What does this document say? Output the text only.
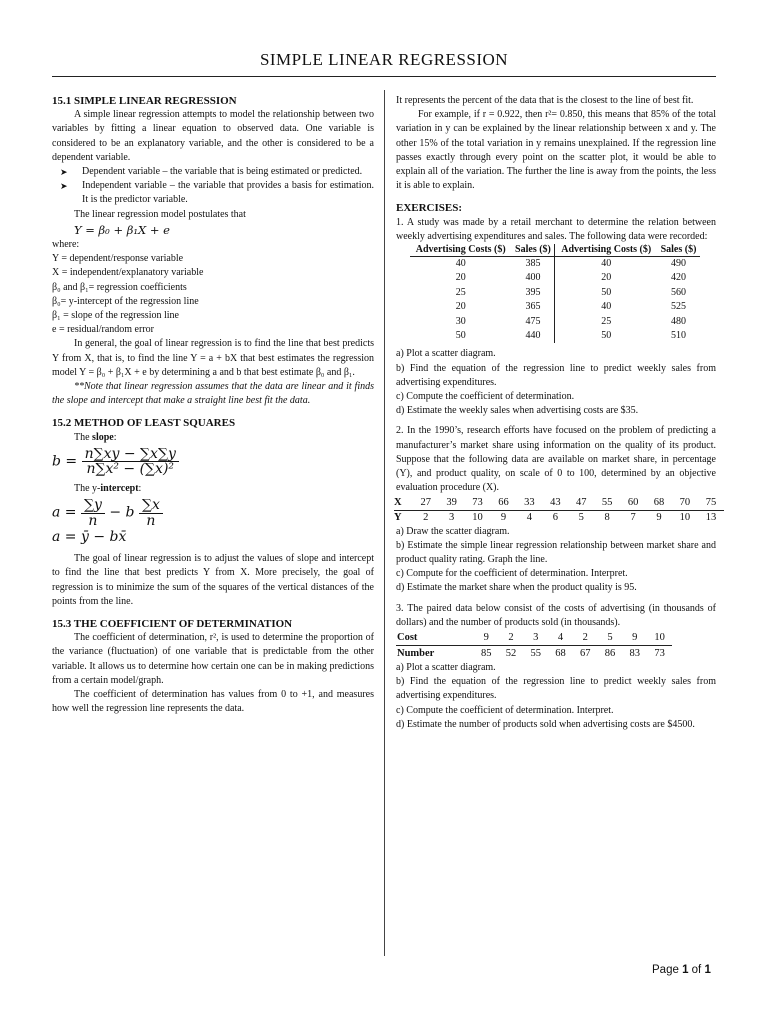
SIMPLE LINEAR REGRESSION
15.1 SIMPLE LINEAR REGRESSION

A simple linear regression attempts to model the relationship between two variables by fitting a linear equation to observed data. One variable is considered to be an explanatory variable, and the other is considered to be a dependent variable.

➤	Dependent variable – the variable that is being estimated or predicted.
➤	Independent variable – the variable that provides a basis for estimation. It is the predictor variable.

The linear regression model postulates that

Y = β₀ + β₁X + e

where:

Y = dependent/response variable

X = independent/explanatory variable

β₀ and β₁= regression coefficients

β₀= y-intercept of the regression line

β₁ = slope of the regression line

e = residual/random error

In general, the goal of linear regression is to find the line that best predicts Y from X, that is, to find the line Y = a + bX that best estimates the regression model Y = β₀ + β₁X + e by determining a and b that best estimate β₀ and β₁.

**Note that linear regression assumes that the data are linear and it finds the slope and intercept that make a straight line best fit the data.

15.2 METHOD OF LEAST SQUARES

The slope:

$b = \frac{n\sum xy - \sum x\sum y}{\text{n∑x² − (∑x)²}}$

The y-intercept:

$a = \frac{\sum y}{n} - b \frac{\sum x}{n}$
a = ȳ − bx̄

The goal of linear regression is to adjust the values of slope and intercept to find the line that best predicts Y from X. More precisely, the goal of regression is to minimize the sum of the squares of the vertical distances of the points from the line.

15.3 THE COEFFICIENT OF DETERMINATION

The coefficient of determination, r², is used to determine the proportion of the variance (fluctuation) of one variable that is predictable from the other variable. It allows us to determine how certain one can be in making predictions from a certain model/graph.

The coefficient of determination has values from 0 to +1, and measures how well the regression line represents the data.

It represents the percent of the data that is the closest to the line of best fit.

For example, if r = 0.922, then r²= 0.850, this means that 85% of the total variation in y can be explained by the linear relationship between x and y. The other 15% of the total variation in y remains unexplained. If the regression line passes exactly through every point on the scatter plot, it would be able to explain all of the variation. The further the line is away from the points, the less it is able to explain.

EXERCISES:

1. A study was made by a retail merchant to determine the relation between weekly advertising expenditures and sales. The following data were recorded:

Advertising Costs ($)	Sales ($)	Advertising Costs ($)	Sales ($)
40	385	40	490
20	400	20	420
25	395	50	560
20	365	40	525
30	475	25	480
50	440	50	510

a) Plot a scatter diagram.

b) Find the equation of the regression line to predict weekly sales from advertising expenditures.

c) Compute the coefficient of determination.

d) Estimate the weekly sales when advertising costs are $35.

2. In the 1990’s, research efforts have focused on the problem of predicting a manufacturer’s market share using information on the quality of its product. Suppose that the following data are available on market share, in percentage (Y), and product quality, on scale of 0 to 100, determined by an objective evaluation procedure (X).

X	27	39	73	66	33	43	47	55	60	68	70	75
Y	2	3	10	9	4	6	5	8	7	9	10	13

a) Draw the scatter diagram.

b) Estimate the simple linear regression relationship between market share and product quality rating. Graph the line.

c) Compute for the coefficient of determination. Interpret.

d) Estimate the market share when the product quality is 95.

3. The paired data below consist of the costs of advertising (in thousands of dollars) and the number of products sold (in thousands).

Cost	9	2	3	4	2	5	9	10
Number	85	52	55	68	67	86	83	73

a) Plot a scatter diagram.

b) Find the equation of the regression line to predict weekly sales from advertising expenditures.

c) Compute the coefficient of determination. Interpret.

d) Estimate the number of products sold when advertising costs are $4500.

Page 1 of 1
